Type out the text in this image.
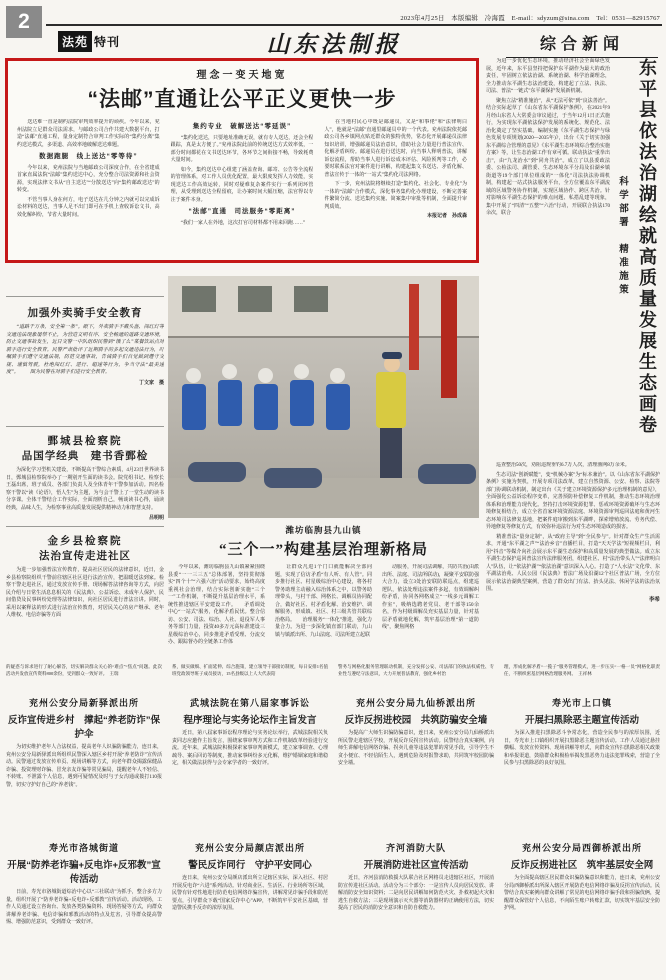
2	2023年4月25日　本版编辑　冷海霞　E-mail：sdyzum@sina.com　Tel：0531—82915767
法苑 特刊	山东法制报	综合新闻
理念一变天地宽
“法邮”直通让公平正义更快一步

　　送达难一直是制约法院审判效率提升的顽疾。今年以来，兖州法院立足群众司法需求，与邮政公司合作共建大数据平台，打造“法邮”直通工程，量身定制符合审判工作实际的“集约分离”集约送达模式，多渠道、高效率地破解送达难题。

数据跑腿　线上送达“零等待”

　　今年以来，兖州法院与当地邮政公司深度合作，在全省建成首家直属法院“法邮”集约送达中心，充分整合司法资源和社会资源，实现法律文书从“自主送达”“分散送达”向“集约邮政送达”的转变。

　　不管当事人身在何方，电子送达在几分钟之内就可以完成诉讼材料的送达，当事人足不出门即可在手机上查收诉讼文书，高效化解纠纷，节省大量时间。

集约专业　破解送达“零延误”

　　“集约化送达，只要地址准确无误，就有专人送达，还会全程跟踪，真是太方便了。”兖州法院此前的传统送达方式效率低，一部分时间都花在文书送达环节，各环节之间衔接不畅，导致耗费大量时间。

　　如今，集约送达中心组建了涵盖查询、邮寄、公告等全流程的管理体系，对工作人员优化配置，最大限度发挥人力效能，实现送达工作高效运转，同时对疑难复杂案件实行一系列闭环管理，从受理到送达全程留痕，让办案时间大幅压缩，法官得以专注于案件本身。

“法邮”直通　司法服务“零距离”

　　“我们一家人在外地，这次打官司材料都不用来回跑……”

　　在当地村民心中既是邮递员，又是“和事佬”和“法律明白人”，他就是“法邮”直通里邮递员中的一个代表。兖州法院依托邮政公司各乡镇网点贴近群众的独特优势，常态化开展邮递员法律知识培训，增强邮递员法治意识，借助社会力量进行普法宣传、化解矛盾纠纷。邮递员在进行送达时，向当事人释明普法，讲解诉讼流程，帮助当事人进行诉讼成本评估、风险预判等工作，必要时联系法官对案件进行讲解，构建起集文书送达、矛盾化解、普法宣传于一体的“一站式”集约化司法网络。

　　下一步，兖州法院将继续打造“集约化、社会化、专业化”为一体的“法邮”合作模式，深化事务集约化办理建设，不断完善案件繁简分流、送达集约实施、简案集中审批等机制，全面提升审判质效。

本报记者　孙成森

　　为进一步优化生态环境，推动经济社会全面绿色发展，近年来，东平县坚持把保护东平湖作为最大的政治责任，牢固树立依法治湖、系统治湖、科学治湖理念，全力推动东平湖生态法治建设，构建起了立法、执法、司法、普法“一链式”东平湖保护发展新机制。

　　聚焦立法“精准施治”，从“无法可依”到“良法善治”。结合实际起草了《山东省东平湖保护条例》，在2021年9月经山东省人大常委会审议通过，于当年12月1日正式施行，为实现东平湖依法保护发展的系统化、规范化、法治化奠定了坚实基础。编制实施《东平湖生态保护与绿色发展专项规划(2020—2035年)》，出台《关于切实加强东平湖综合管理的意见》《东平湖生态环境综合整治实施方案》等，让生态治湖工作有章可循。联动执法“重拳出击”，由“九龙治水”到“同舟共治”。成立了以县委政法委、公检法司、湖管委、生态环境东平分局及沿湖乡镇街道等19个部门单位组成的“一体化”司法执法协调机制，构建起一站式执法服务平台，全方位覆盖东平湖流域的区域警务协作机制，实现区域协作、跨区共治。针对影响东平湖生态保护的难点问题、私搭乱建等现象，集中开展了“四清”“五整”“六治”行动，开展联合执法170余次，联合	科学部署　精准施策 东平县依法治湖绘就高质量发展生态画卷

　　巡查整治50次，劝阻违规垂钓6.7万人次，清理渔网8万余米。

　　生态司法“创新赋能”，变“机械办案”为“标本兼治”。以《山东省东平湖保护条例》实施为契机，开展专项司法改革，建立自然资源、公安、检察、法院等部门协调联动机制，制定出台《关于建立环境资源保护多元治理机制的意见》，全面强化公益诉讼程序变革，完善预防补偿修复工作机制，推动生态环境治理体系和治理能力现代化。坚持打击环境资源犯罪、惩戒环境资源破坏与生态环境修复相结合，成立全省首家环境资源法庭、环境资源审判巡回法庭和黄河生态环境司法修复基地，把案件庭审搬到东平湖畔，探索增殖放流、劳务代偿、异地修复等修复方式，有效弥补违法行为对生态环境造成的损害。

　　精准普法“量身定制”，从“政府主导”到“全民参与”。针对群众生产生活需求，开通“东平湖之声”“法治乡音”直播栏目，打造“天天学法”短视频栏目，利用“抖音”等媒介向社会展示东平湖生态保护和高质量发展的典型做法。成立东平湖生态保护巡回普法宣传法律服务团，组建社区、村“法治带头人”“法律明白人”队伍，让“依法护湖”“依法治湖”意识深入人心。打造了“人水法”文化带、东平湖法治苑、人民公园《民法典》普法广场及沿湖12个社区普法广场，全方位展示依法治湖典型案例，营造了群众出门有法、抬头见法、休闲学法的法治氛围。

李希
加强外卖骑手安全教育
　　“道路千万条，安全第一条”。眼下，外卖骑手不戴头盔、闯红灯等交通违法现象屡禁不止，为营造文明有序、安全畅通的道路交通环境，防止交通事故发生，近日交警一中队组织民警到“饿了么”某餐饮站点对骑手进行安全教育。民警严肃批评了近期骑手的多起交通违法行为，叮嘱骑手们遵守交通法规，防范交通事故，告诫骑手们自觉做到遵守交规、谨慎驾驶，杜绝闯红灯、逆行、超速等行为，争当守法“最美速度”。 　　图为民警在对骑手们进行安全教育。
丁文家　摄
鄄城县检察院
品国学经典　建书香鄄检
　　为深化学习型机关建设，不断提高干警综合素质，4月23日世界读书日，鄄城县检察院举办了一期别开生面的读书会。院党组书记、检察长王磊出席，班子成员、各部门负责人及全体青年干警参加活动。四名检察干警以“读《论语》，悟人生”为主题，为与会干警上了一堂生动的读书分享课。全体干警结合工作实际，全面剖析自己，畅谈读书心得，诵读经典，品味人生，为检察事业高质量发展提供精神动力和智慧支持。
吕明明
金乡县检察院
法治宣传走进社区
　　为进一步加强普法宣传教育，提高社区居民的法律意识，近日，金乡县检察院组织干警前往辖区社区进行法治宣传，把温暖送法到家。检察干警走进社区，通过发放宣传手册、现场解答法律咨询等方式，向居民介绍与日常生活息息相关的《民法典》、公益诉讼、未成年人保护、民间借贷及民事纠纷处理等法律知识，向社区居民进行普法宣讲。同时，采用以案释法的形式进行法治宣传教育，对居民关心的房产继承、老年人维权、电信诈骗等方面
潍坊临朐县九山镇
“三个一”构建基层治理新格局
　　今年以来，潍坊临朐县九山镇紧紧围绕县委“一一三三五”总体部署，坚持贯彻落实“四个十”“六强六治”活动要求，始终高度重视社会治理，结合实际创新实施“三个一”工作机制，不断提升基层治理水平，系统性推进辖区平安建设工作。　　矛盾调处中心“一站式”服务，化解矛盾民忧。整合信访、公安、司法、综治、人社、退役军人事务等部门力量，投资40多万元高标准建设三星级综治中心，同步推进矛盾受理、分流交办、跟踪督办的全链条工作体
　　让群众凡进1个门口就能解决全部问题，实现了信访矛盾“有人听、有人管”。同步推行社区、村星级综治中心建设，将各村警务助理主动融入综治体系之中，以警务助理带头，与村干部、网格长、调解员协同配合，做好社区、村矛盾化解、治安维护、调解服务，形成镇、社区、村三级共管共联综治格局。　　治理服务“一体化”推进，强化力量合力。为进一步深化镇直部门联动，九山镇与镇派出所、九山法庭、司法所建立起联
　　动服务，开展司法调解，共防共治(由派出所、法庭、司法所联动)，凝聚平安联防强大合力，设立3处治安联防联巡点，组建巡逻队，依法处理违法案件多起，有效调解纠纷矛盾，协同各网格成立“一线多元调解工作室”，吸纳选聘老党员、老干部等150余名，作为村级调解员充实基层力量，针对基层矛盾就地化解，筑牢基层治理“第一道防线”，聚焦网格
的疑惑与诉求进行了耐心解答，切实解决群众关心的“难点”“焦点”问题。此次活动共发放宣传资料800余份，受到群众一致好评。　王瑞
系，做实做细、扩面延伸、综合施策，建立领导干部接访制度，每日安排1名值班党政领导班子成员接访，15名县级以上人大代表陪
警务与网格化服务管理联动机制，充分发挥公安、司法部门的执法权威性、专业性与遵纪守法意识，大力开展普法教育，强化乡村治
理，形成化解矛盾“一揽子”服务管理模式，进一步压实“一格一员”网格化职责任，不断织密基层网格治理服务网。　王祥林
兖州公安分局新驿派出所
反诈宣传进乡村　撑起“养老防诈”保护伞
　　为切实维护老年人合法权益，提高老年人识骗防骗能力，连日来，兖州公安分局新驿派出所组织民警深入辖区乡村开展“养老防诈”宣传活动。民警通过发放宣传单页、现场讲解等方式，向老年群众揭露保健品诈骗、投资理财诈骗、冒充亲友诈骗等常见骗局，提醒老年人不轻信、不转账、不泄露个人信息，遇到可疑情况及时与子女沟通或拨打110报警，切实守护好自己的“养老钱”。
武城法院在第八届家事诉讼
程序理论与实务论坛作主旨发言
　　近日，第八届家事诉讼程序理论与实务论坛举行，武城法院相关负责同志应邀作主旨发言，围绕家事审判方式和工作机制改革经验进行交流。近年来，武城法院积极探索家事审判新模式，建立家事调查、心理疏导、案后回访等制度，推动家事纠纷多元化解，维护婚姻家庭和谐稳定，相关做法获得与会专家学者的一致好评。
兖州公安分局九仙桥派出所
反诈反拐进校园　共筑防骗安全墙
　　为提高广大师生识骗防骗意识，连日来，兖州公安分局九仙桥派出所民警走进辖区学校，开展反诈反拐宣传活动。民警结合真实案例，向师生讲解电信网络诈骗、拐卖儿童等违法犯罪的常见手段，引导学生不贪小便宜、不轻信陌生人，遇到危险及时报警求助，共同筑牢校园防骗安全墙。
寿光市上口镇
开展扫黑除恶主题宣传活动
　　为深入推进扫黑除恶斗争常态化，营造全民参与的浓厚氛围，近日，寿光市上口镇组织开展扫黑除恶主题宣传活动。工作人员通过悬挂横幅、发放宣传资料、现场讲解等形式，向群众宣传扫黑除恶相关政策和举报渠道，鼓励群众积极检举揭发黑恶势力违法犯罪线索，营造了全民参与扫黑除恶的良好氛围。
寿光市洛城街道
开展“防养老诈骗+反电诈+反邪教”宣传活动
　　日前，寿光市洛城街道综治中心以“三社联动”为抓手，整合多方力量，组织开展了“防养老诈骗+反电诈+反邪教”宣传活动。活动现场，工作人员通过设立咨询台、发放各类防骗资料、现场答疑等方式，向群众讲解养老诈骗、电信诈骗和邪教活动的特点及危害，引导群众提高警惕、增强防范意识，受到群众一致好评。
兖州公安分局颜店派出所
警民反诈同行　守护平安同心
　　连日来，兖州公安分局颜店派出所立足辖区实际，深入社区、村居开展反电诈“六进”系列活动。针对商业区、生活区、行业场所等区域，民警有针对性地进行防范电信网络诈骗宣传，讲解常见诈骗手段和防范要点，引导群众下载“国家反诈中心”APP，不断筑牢平安社区基础，营造警民携手反诈的浓厚氛围。
齐河消防大队
开展消防进社区宣传活动
　　近日，齐河县消防救援大队联合社区网格员走进辖区社区，开展消防宣传进社区活动。活动分为三个部分：一是宣传人员向居民发放、讲解消防安全知识资料；二是向居民讲解如何防范火灾、扑救初起火灾和逃生自救方法；三是现场演示灭火器等消防器材的正确使用方法，切实提高了居民的消防安全意识和自防自救能力。
兖州公安分局西御桥派出所
反诈反拐进社区　筑牢基层安全网
　　为全面提高辖区居民群众识骗防骗意识和能力，连日来，兖州公安分局西御桥派出所深入辖区开展防范电信网络诈骗及反拐宣传活动。民警结合真实案例向群众讲解了常见的电信网络诈骗手段和拐骗伎俩，提醒群众保管好个人信息，不向陌生账户转账汇款，切实筑牢基层安全防护网。
